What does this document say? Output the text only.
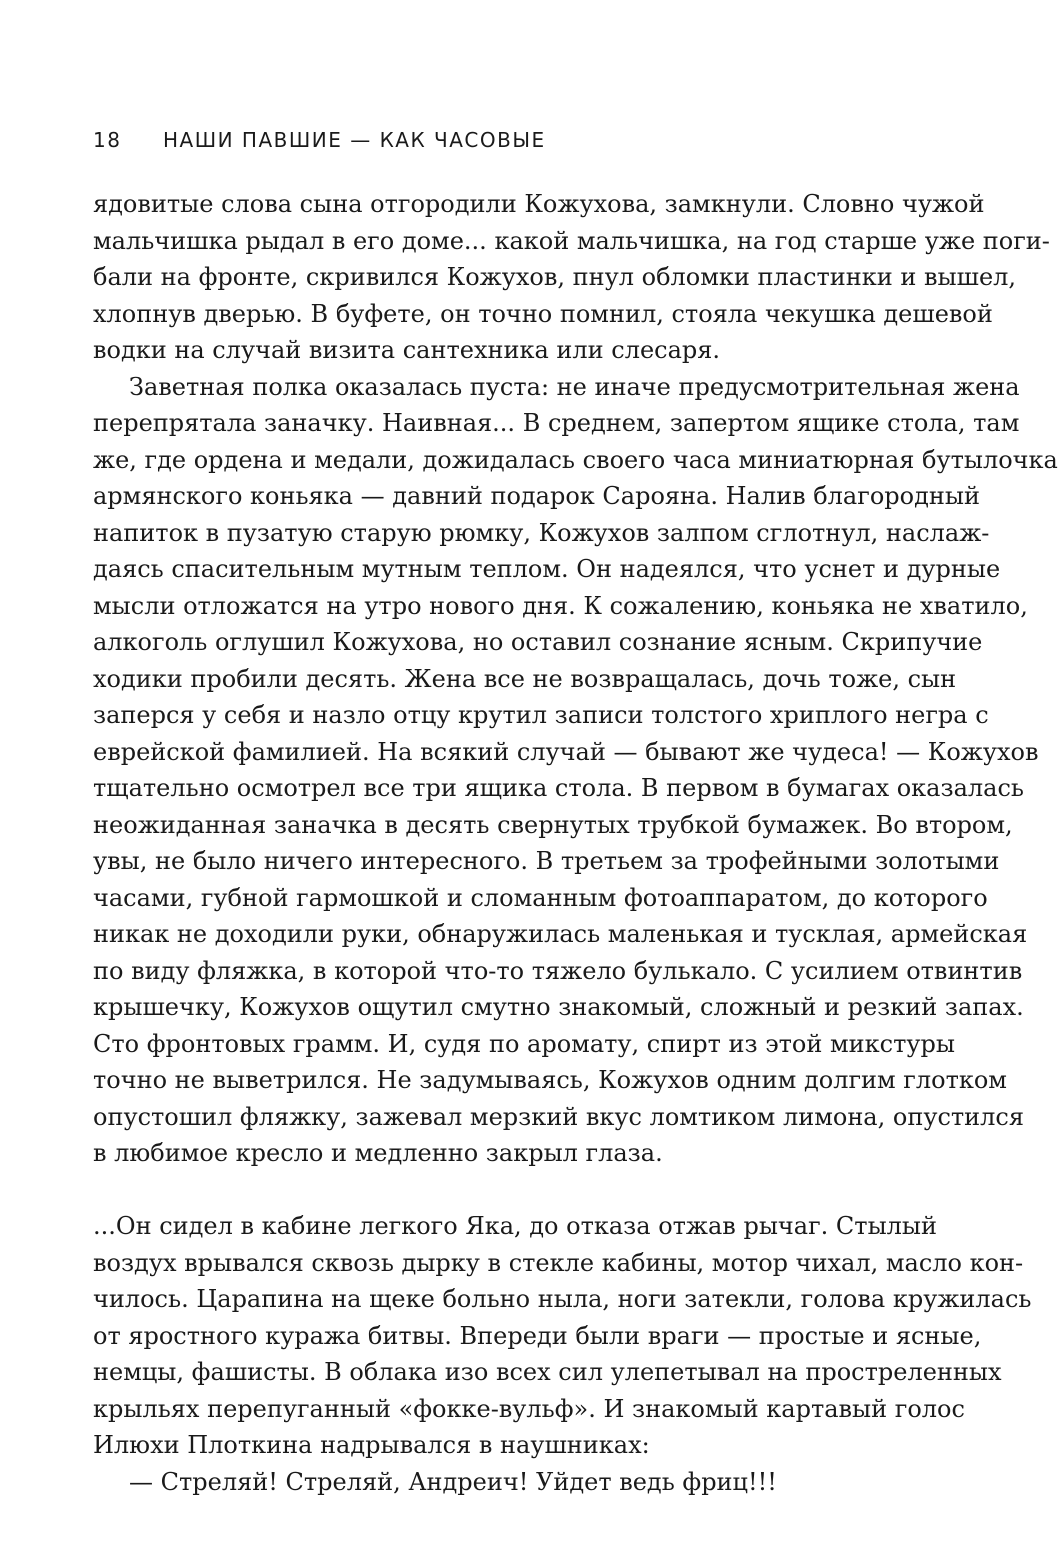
18 НАШИ ПАВШИЕ — КАК ЧАСОВЫЕ
ядовитые слова сына отгородили Кожухова, замкнули. Словно чужой
мальчишка рыдал в его доме... какой мальчишка, на год старше уже поги-
бали на фронте, скривился Кожухов, пнул обломки пластинки и вышел,
хлопнув дверью. В буфете, он точно помнил, стояла чекушка дешевой
водки на случай визита сантехника или слесаря.
Заветная полка оказалась пуста: не иначе предусмотрительная жена
перепрятала заначку. Наивная... В среднем, запертом ящике стола, там
же, где ордена и медали, дожидалась своего часа миниатюрная бутылочка
армянского коньяка — давний подарок Сарояна. Налив благородный
напиток в пузатую старую рюмку, Кожухов залпом сглотнул, наслаж-
даясь спасительным мутным теплом. Он надеялся, что уснет и дурные
мысли отложатся на утро нового дня. К сожалению, коньяка не хватило,
алкоголь оглушил Кожухова, но оставил сознание ясным. Скрипучие
ходики пробили десять. Жена все не возвращалась, дочь тоже, сын
заперся у себя и назло отцу крутил записи толстого хриплого негра с
еврейской фамилией. На всякий случай — бывают же чудеса! — Кожухов
тщательно осмотрел все три ящика стола. В первом в бумагах оказалась
неожиданная заначка в десять свернутых трубкой бумажек. Во втором,
увы, не было ничего интересного. В третьем за трофейными золотыми
часами, губной гармошкой и сломанным фотоаппаратом, до которого
никак не доходили руки, обнаружилась маленькая и тусклая, армейская
по виду фляжка, в которой что-то тяжело булькало. С усилием отвинтив
крышечку, Кожухов ощутил смутно знакомый, сложный и резкий запах.
Сто фронтовых грамм. И, судя по аромату, спирт из этой микстуры
точно не выветрился. Не задумываясь, Кожухов одним долгим глотком
опустошил фляжку, зажевал мерзкий вкус ломтиком лимона, опустился
в любимое кресло и медленно закрыл глаза.
...Он сидел в кабине легкого Яка, до отказа отжав рычаг. Стылый
воздух врывался сквозь дырку в стекле кабины, мотор чихал, масло кон-
чилось. Царапина на щеке больно ныла, ноги затекли, голова кружилась
от яростного куража битвы. Впереди были враги — простые и ясные,
немцы, фашисты. В облака изо всех сил улепетывал на простреленных
крыльях перепуганный «фокке-вульф». И знакомый картавый голос
Илюхи Плоткина надрывался в наушниках:
— Стреляй! Стреляй, Андреич! Уйдет ведь фриц!!!
